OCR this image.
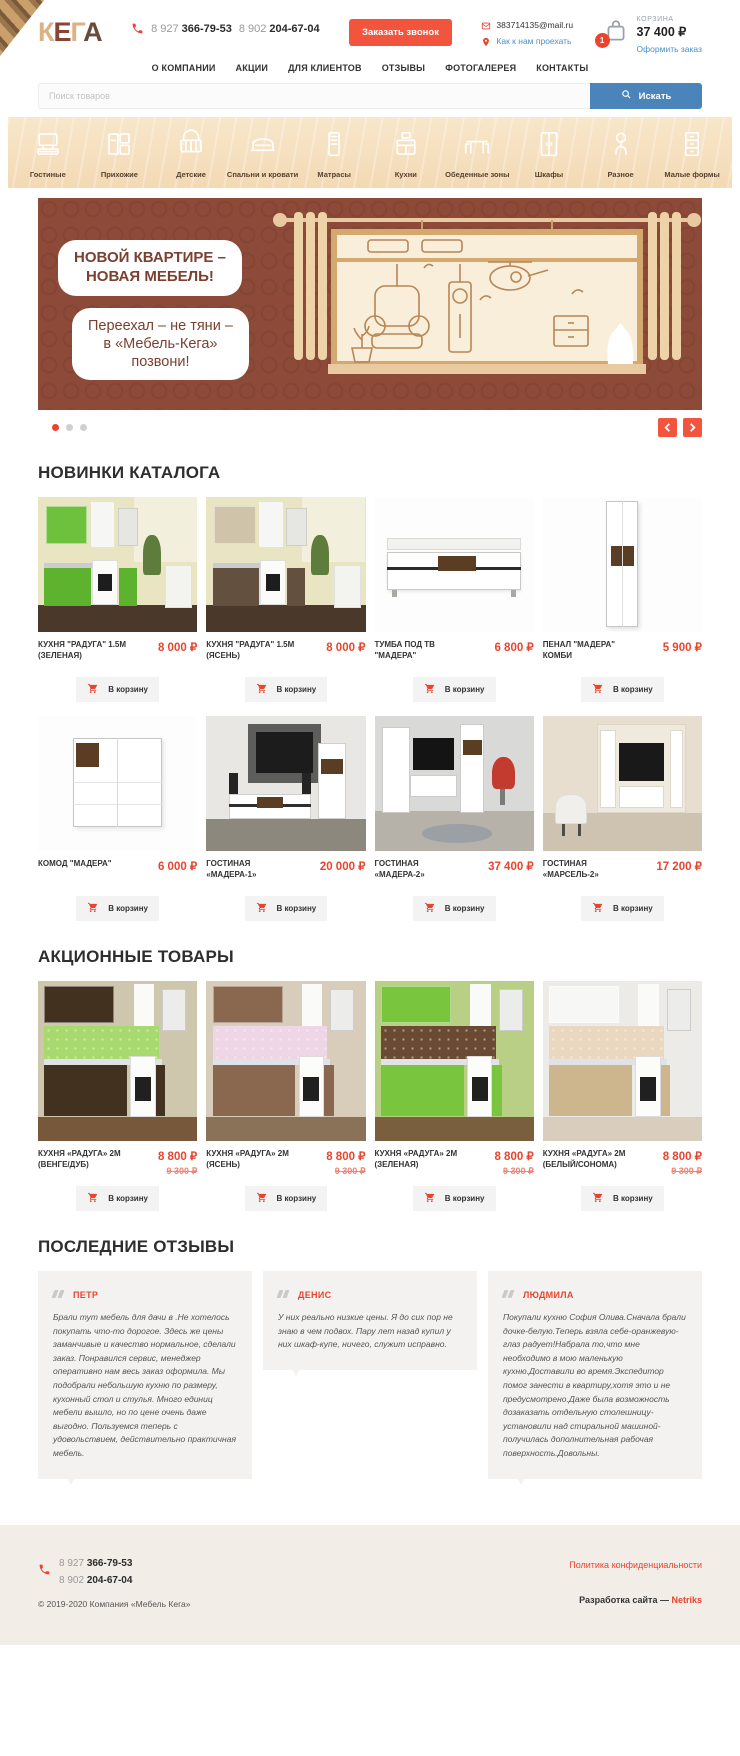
КЕГА	8 927 366-79-53 8 902 204-67-04	Заказать звонок
383714135@mail.ru
Как к нам проехать	1
КОРЗИНА
37 400 ₽
Оформить заказ
О КОМПАНИИ АКЦИИ ДЛЯ КЛИЕНТОВ ОТЗЫВЫ ФОТОГАЛЕРЕЯ КОНТАКТЫ
Поиск товаров
Искать
Гостиные	Прихожие	Детские	Спальни и кровати	Матрасы	Кухни	Обеденные зоны	Шкафы	Разное	Малые формы
НОВОЙ КВАРТИРЕ –
НОВАЯ МЕБЕЛЬ!
Переехал – не тяни –
в «Мебель-Кега»
позвони!
НОВИНКИ КАТАЛОГА
КУХНЯ "РАДУГА" 1.5М (ЗЕЛЕНАЯ)
8 000 ₽
В корзину
КУХНЯ "РАДУГА" 1.5М (ЯСЕНЬ)
8 000 ₽
В корзину
ТУМБА ПОД ТВ "МАДЕРА"
6 800 ₽
В корзину
ПЕНАЛ "МАДЕРА" КОМБИ
5 900 ₽
В корзину
КОМОД "МАДЕРА"	6 000 ₽
В корзину
ГОСТИНАЯ «МАДЕРА-1»
20 000 ₽
В корзину
ГОСТИНАЯ «МАДЕРА-2»
37 400 ₽
В корзину
ГОСТИНАЯ «МАРСЕЛЬ-2»
17 200 ₽
В корзину
АКЦИОННЫЕ ТОВАРЫ
КУХНЯ «РАДУГА» 2М (ВЕНГЕ/ДУБ)
8 800 ₽
9 300 ₽
В корзину
КУХНЯ «РАДУГА» 2М (ЯСЕНЬ)
8 800 ₽
9 300 ₽
В корзину
КУХНЯ «РАДУГА» 2М (ЗЕЛЕНАЯ)
8 800 ₽
9 300 ₽
В корзину
КУХНЯ «РАДУГА» 2М (БЕЛЫЙ/СОНОМА)
8 800 ₽
9 300 ₽
В корзину
ПОСЛЕДНИЕ ОТЗЫВЫ
ПЕТР
Брали тут мебель для дачи в .Не хотелось покупать что-то дорогое. Здесь же цены заманчивые и качество нормальное, сделали заказ. Понравился сервис, менеджер оперативно нам весь заказ оформила. Мы подобрали небольшую кухню по размеру, кухонный стол и стулья. Много единиц мебели вышло, но по цене очень даже выгодно. Пользуемся теперь с удовольствием, действительно практичная мебель.
ДЕНИС
У них реально низкие цены. Я до сих пор не знаю в чем подвох. Пару лет назад купил у них шкаф-купе, ничего, служит исправно.
ЛЮДМИЛА
Покупали кухню София Олива.Сначала брали дочке-белую.Теперь взяла себе-оранжевую-глаз радует!Набрала то,что мне необходимо в мою маленькую кухню.Доставили во время.Экспедитор помог занести в квартиру,хотя это и не предусмотрено.Даже была возможность дозаказать отдельную столешницу-установили над стиральной машиной-получилась дополнительная рабочая поверхность.Довольны.
8 927 366-79-53
8 902 204-67-04
© 2019-2020 Компания «Мебель Кега»
Политика конфиденциальности
Разработка сайта — Netriks
